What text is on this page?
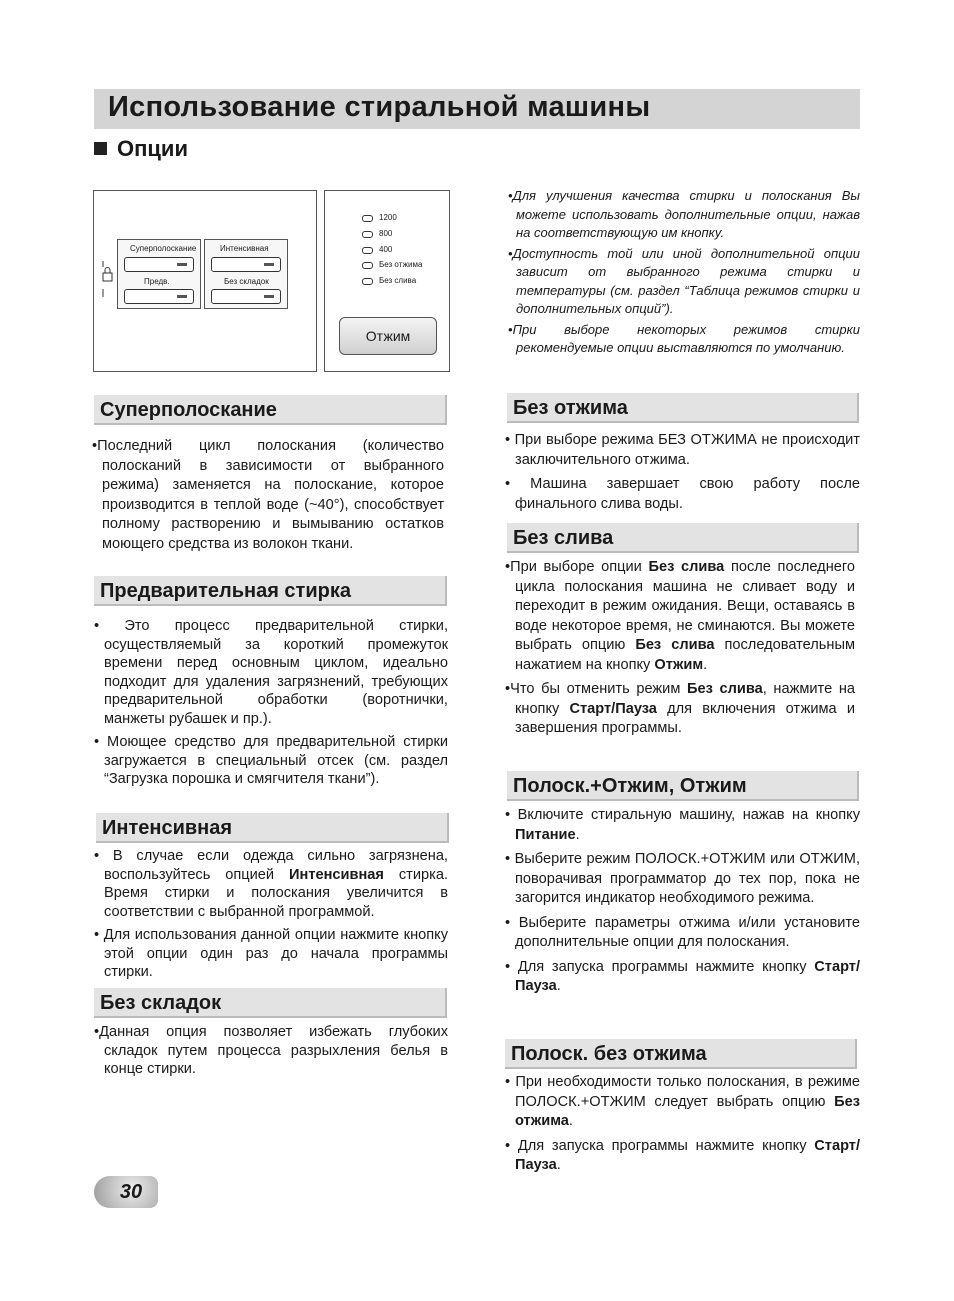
Использование стиральной машины
Опции
Суперполоскание
Предв.
Интенсивная
Без складок
1200
800
400
Без отжима
Без слива
Отжим

•Для улучшения качества стирки и полоскания Вы можете использовать дополнительные опции, нажав на соответствующую им кнопку.

•Доступность той или иной дополнительной опции зависит от выбранного режима стирки и температуры (см. раздел “Таблица режимов стирки и дополнительных опций”).

•При выборе некоторых режимов стирки рекомендуемые опции выставляются по умолчанию.

Суперполоскание

•Последний цикл полоскания (количество полосканий в зависимости от выбранного режима) заменяется на полоскание, которое производится в теплой воде (~40°), способствует полному растворению и вымыванию остатков моющего средства из волокон ткани.

Предварительная стирка

• Это процесс предварительной стирки, осуществляемый за короткий промежуток времени перед основным циклом, идеально подходит для удаления загрязнений, требующих предварительной обработки (воротнички, манжеты рубашек и пр.).

• Моющее средство для предварительной стирки загружается в специальный отсек (см. раздел “Загрузка порошка и смягчителя ткани”).

Интенсивная

• В случае если одежда сильно загрязнена, воспользуйтесь опцией Интенсивная стирка. Время стирки и полоскания увеличится в соответствии с выбранной программой.

• Для использования данной опции нажмите кнопку этой опции один раз до начала программы стирки.

Без складок

•Данная опция позволяет избежать глубоких складок путем процесса разрыхления белья в конце стирки.

Без отжима

• При выборе режима БЕЗ ОТЖИМА не происходит заключительного отжима.

• Машина завершает свою работу после финального слива воды.

Без слива

•При выборе опции Без слива после последнего цикла полоскания машина не сливает воду и переходит в режим ожидания. Вещи, оставаясь в воде некоторое время, не сминаются. Вы можете выбрать опцию Без слива последовательным нажатием на кнопку Отжим.

•Что бы отменить режим Без слива, нажмите на кнопку Старт/Пауза для включения отжима и завершения программы.

Полоск.+Отжим, Отжим

• Включите стиральную машину, нажав на кнопку Питание.

• Выберите режим ПОЛОСК.+ОТЖИМ или ОТЖИМ, поворачивая программатор до тех пор, пока не загорится индикатор необходимого режима.

• Выберите параметры отжима и/или установите дополнительные опции для полоскания.

• Для запуска программы нажмите кнопку Старт/Пауза.

Полоск. без отжима

• При необходимости только полоскания, в режиме ПОЛОСК.+ОТЖИМ следует выбрать опцию Без отжима.

• Для запуска программы нажмите кнопку Старт/Пауза.

30
